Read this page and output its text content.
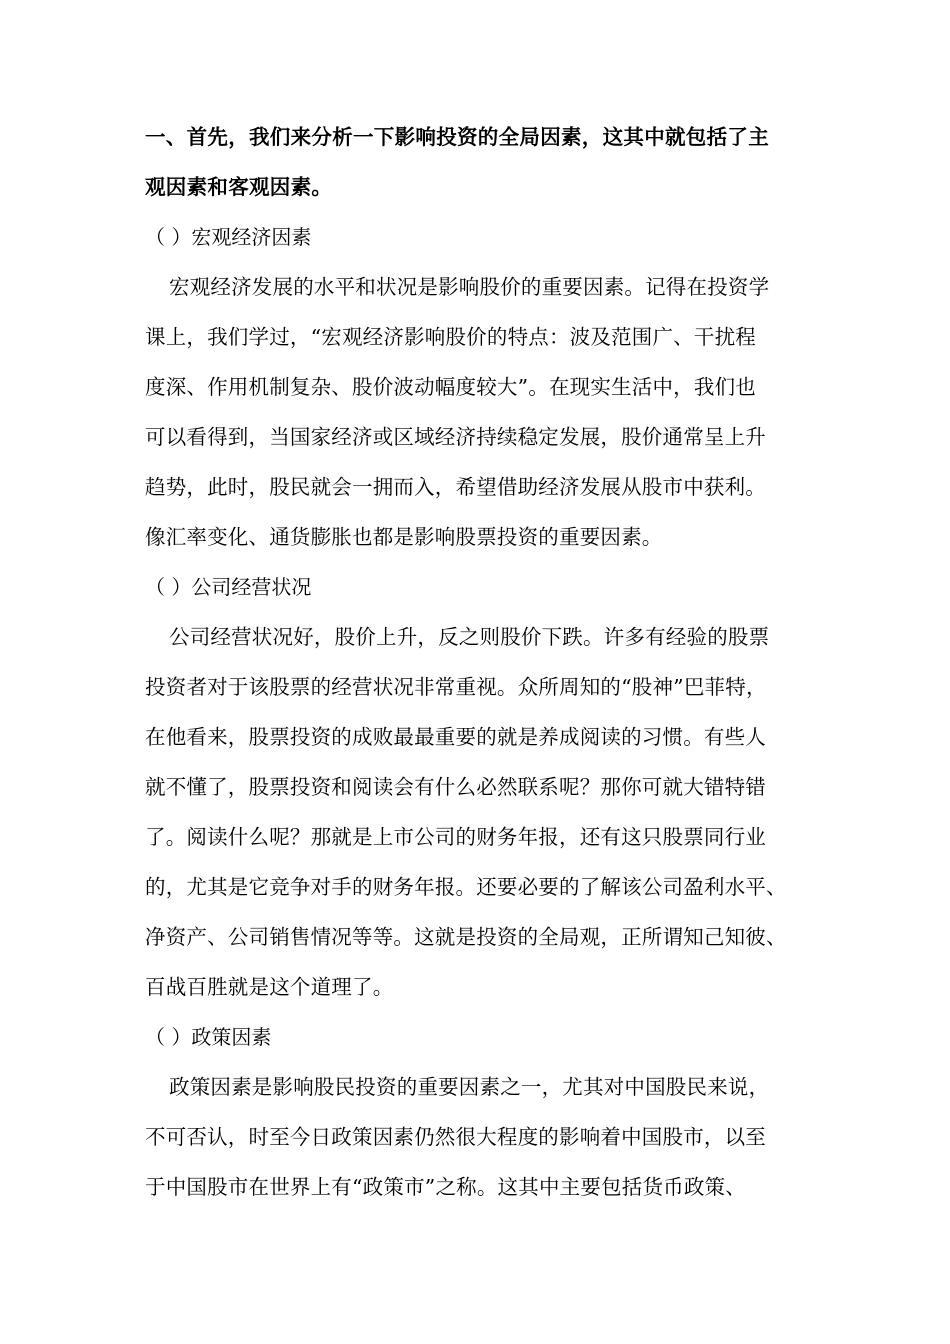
一、首先，我们来分析一下影响投资的全局因素，这其中就包括了主
观因素和客观因素。
（ ）宏观经济因素
宏观经济发展的水平和状况是影响股价的重要因素。记得在投资学
课上，我们学过，“宏观经济影响股价的特点：波及范围广、干扰程
度深、作用机制复杂、股价波动幅度较大”。在现实生活中，我们也
可以看得到，当国家经济或区域经济持续稳定发展，股价通常呈上升
趋势，此时，股民就会一拥而入，希望借助经济发展从股市中获利。
像汇率变化、通货膨胀也都是影响股票投资的重要因素。
（ ）公司经营状况
公司经营状况好，股价上升，反之则股价下跌。许多有经验的股票
投资者对于该股票的经营状况非常重视。众所周知的“股神”巴菲特，
在他看来，股票投资的成败最最重要的就是养成阅读的习惯。有些人
就不懂了，股票投资和阅读会有什么必然联系呢？那你可就大错特错
了。阅读什么呢？那就是上市公司的财务年报，还有这只股票同行业
的，尤其是它竞争对手的财务年报。还要必要的了解该公司盈利水平、
净资产、公司销售情况等等。这就是投资的全局观，正所谓知己知彼、
百战百胜就是这个道理了。
（ ）政策因素
政策因素是影响股民投资的重要因素之一，尤其对中国股民来说，
不可否认，时至今日政策因素仍然很大程度的影响着中国股市，以至
于中国股市在世界上有“政策市”之称。这其中主要包括货币政策、
